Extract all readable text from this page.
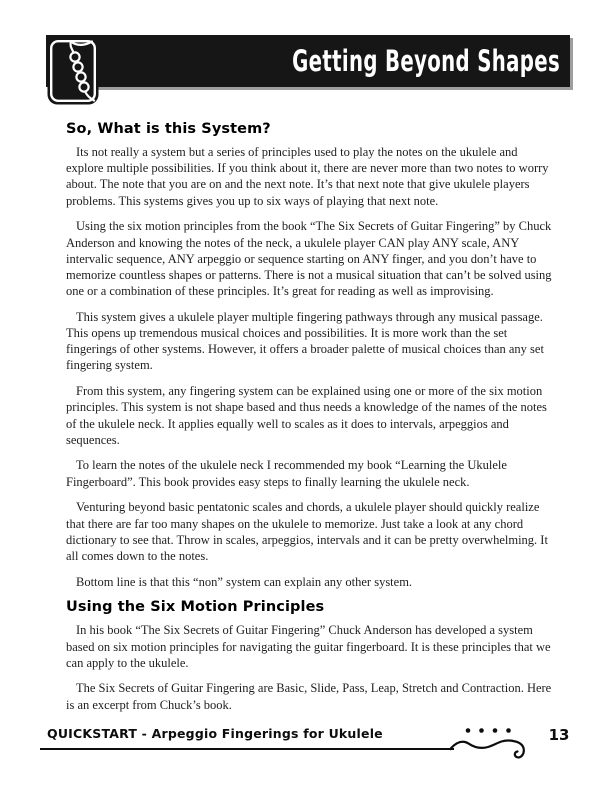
Getting Beyond Shapes
So, What is this System?

Its not really a system but a series of principles used to play the notes on the ukulele and explore multiple possibilities. If you think about it, there are never more than two notes to worry about. The note that you are on and the next note. It’s that next note that give ukulele players problems. This systems gives you up to six ways of playing that next note.

Using the six motion principles from the book “The Six Secrets of Guitar Fingering” by Chuck Anderson and knowing the notes of the neck, a ukulele player CAN play ANY scale, ANY intervalic sequence, ANY arpeggio or sequence starting on ANY finger, and you don’t have to memorize countless shapes or patterns. There is not a musical situation that can’t be solved using one or a combination of these principles. It’s great for reading as well as improvising.

This system gives a ukulele player multiple fingering pathways through any musical passage. This opens up tremendous musical choices and possibilities. It is more work than the set fingerings of other systems. However, it offers a broader palette of musical choices than any set fingering system.

From this system, any fingering system can be explained using one or more of the six motion principles. This system is not shape based and thus needs a knowledge of the names of the notes of the ukulele neck. It applies equally well to scales as it does to intervals, arpeggios and sequences.

To learn the notes of the ukulele neck I recommended my book “Learning the Ukulele Fingerboard”. This book provides easy steps to finally learning the ukulele neck.

Venturing beyond basic pentatonic scales and chords, a ukulele player should quickly realize that there are far too many shapes on the ukulele to memorize. Just take a look at any chord dictionary to see that. Throw in scales, arpeggios, intervals and it can be pretty overwhelming. It all comes down to the notes.

Bottom line is that this “non” system can explain any other system.

Using the Six Motion Principles

In his book “The Six Secrets of Guitar Fingering” Chuck Anderson has developed a system based on six motion principles for navigating the guitar fingerboard. It is these principles that we can apply to the ukulele.

The Six Secrets of Guitar Fingering are Basic, Slide, Pass, Leap, Stretch and Contraction. Here is an excerpt from Chuck’s book.

QUICKSTART - Arpeggio Fingerings for Ukulele	13
